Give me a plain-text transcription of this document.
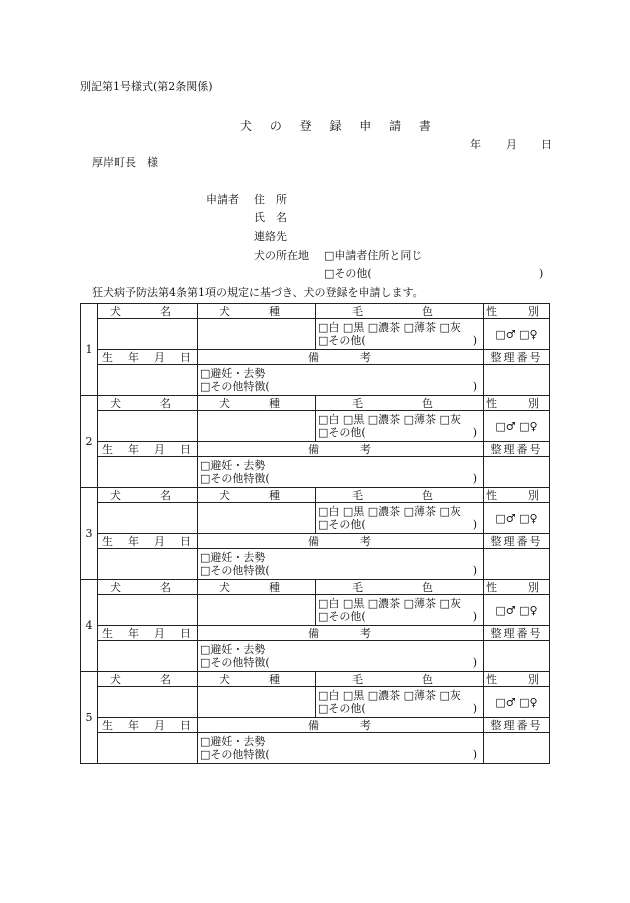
別記第1号様式(第2条関係)
犬 の 登 録 申 請 書
年 月 日
厚岸町長　様
申請者 住　所
氏　名
連絡先
犬の所在地 □申請者住所と同じ
□その他(	)
狂犬病予防法第4条第1項の規定に基づき、犬の登録を申請します。
1	犬　名	犬　種	毛　色	性　別

			□白 □黒 □濃茶 □薄茶 □灰
□その他( )	□♂ □♀
	生　年　月　日	備　　　考		整理番号

		□避妊・去勢
□その他特徴( )		

2	犬　名	犬　種	毛　色	性　別

			□白 □黒 □濃茶 □薄茶 □灰
□その他( )	□♂ □♀
	生　年　月　日	備　　　考		整理番号

		□避妊・去勢
□その他特徴( )		

3	犬　名	犬　種	毛　色	性　別

			□白 □黒 □濃茶 □薄茶 □灰
□その他( )	□♂ □♀
	生　年　月　日	備　　　考		整理番号

		□避妊・去勢
□その他特徴( )		

4	犬　名	犬　種	毛　色	性　別

			□白 □黒 □濃茶 □薄茶 □灰
□その他( )	□♂ □♀
	生　年　月　日	備　　　考		整理番号

		□避妊・去勢
□その他特徴( )		

5	犬　名	犬　種	毛　色	性　別

			□白 □黒 □濃茶 □薄茶 □灰
□その他( )	□♂ □♀
	生　年　月　日	備　　　考		整理番号

		□避妊・去勢
□その他特徴( )		
